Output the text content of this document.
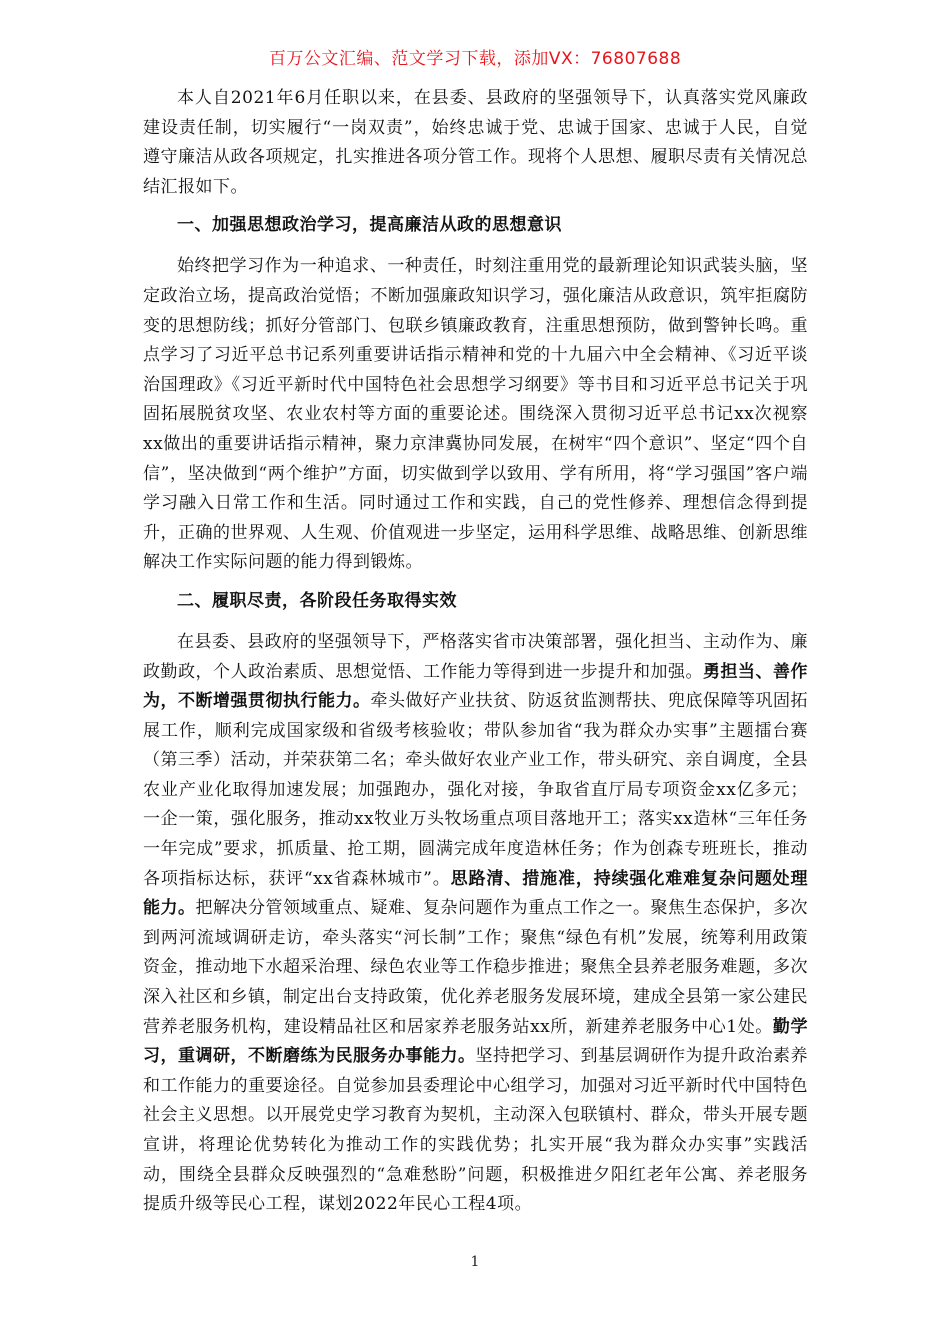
百万公文汇编、范文学习下载，添加VX：76807688

本人自2021年6月任职以来，在县委、县政府的坚强领导下，认真落实党风廉政建设责任制，切实履行“一岗双责”，始终忠诚于党、忠诚于国家、忠诚于人民，自觉遵守廉洁从政各项规定，扎实推进各项分管工作。现将个人思想、履职尽责有关情况总结汇报如下。

一、加强思想政治学习，提高廉洁从政的思想意识

始终把学习作为一种追求、一种责任，时刻注重用党的最新理论知识武装头脑，坚定政治立场，提高政治觉悟；不断加强廉政知识学习，强化廉洁从政意识，筑牢拒腐防变的思想防线；抓好分管部门、包联乡镇廉政教育，注重思想预防，做到警钟长鸣。重点学习了习近平总书记系列重要讲话指示精神和党的十九届六中全会精神、《习近平谈治国理政》《习近平新时代中国特色社会思想学习纲要》等书目和习近平总书记关于巩固拓展脱贫攻坚、农业农村等方面的重要论述。围绕深入贯彻习近平总书记xx次视察xx做出的重要讲话指示精神，聚力京津冀协同发展，在树牢“四个意识”、坚定“四个自信”，坚决做到“两个维护”方面，切实做到学以致用、学有所用，将“学习强国”客户端学习融入日常工作和生活。同时通过工作和实践，自己的党性修养、理想信念得到提升，正确的世界观、人生观、价值观进一步坚定，运用科学思维、战略思维、创新思维解决工作实际问题的能力得到锻炼。

二、履职尽责，各阶段任务取得实效

在县委、县政府的坚强领导下，严格落实省市决策部署，强化担当、主动作为、廉政勤政，个人政治素质、思想觉悟、工作能力等得到进一步提升和加强。勇担当、善作为，不断增强贯彻执行能力。牵头做好产业扶贫、防返贫监测帮扶、兜底保障等巩固拓展工作，顺利完成国家级和省级考核验收；带队参加省“我为群众办实事”主题擂台赛（第三季）活动，并荣获第二名；牵头做好农业产业工作，带头研究、亲自调度，全县农业产业化取得加速发展；加强跑办，强化对接，争取省直厅局专项资金xx亿多元；一企一策，强化服务，推动xx牧业万头牧场重点项目落地开工；落实xx造林“三年任务一年完成”要求，抓质量、抢工期，圆满完成年度造林任务；作为创森专班班长，推动各项指标达标，获评“xx省森林城市”。思路清、措施准，持续强化难难复杂问题处理能力。把解决分管领域重点、疑难、复杂问题作为重点工作之一。聚焦生态保护，多次到两河流域调研走访，牵头落实“河长制”工作；聚焦“绿色有机”发展，统筹利用政策资金，推动地下水超采治理、绿色农业等工作稳步推进；聚焦全县养老服务难题，多次深入社区和乡镇，制定出台支持政策，优化养老服务发展环境，建成全县第一家公建民营养老服务机构，建设精品社区和居家养老服务站xx所，新建养老服务中心1处。勤学习，重调研，不断磨练为民服务办事能力。坚持把学习、到基层调研作为提升政治素养和工作能力的重要途径。自觉参加县委理论中心组学习，加强对习近平新时代中国特色社会主义思想。以开展党史学习教育为契机，主动深入包联镇村、群众，带头开展专题宣讲，将理论优势转化为推动工作的实践优势；扎实开展“我为群众办实事”实践活动，围绕全县群众反映强烈的“急难愁盼”问题，积极推进夕阳红老年公寓、养老服务提质升级等民心工程，谋划2022年民心工程4项。

1
